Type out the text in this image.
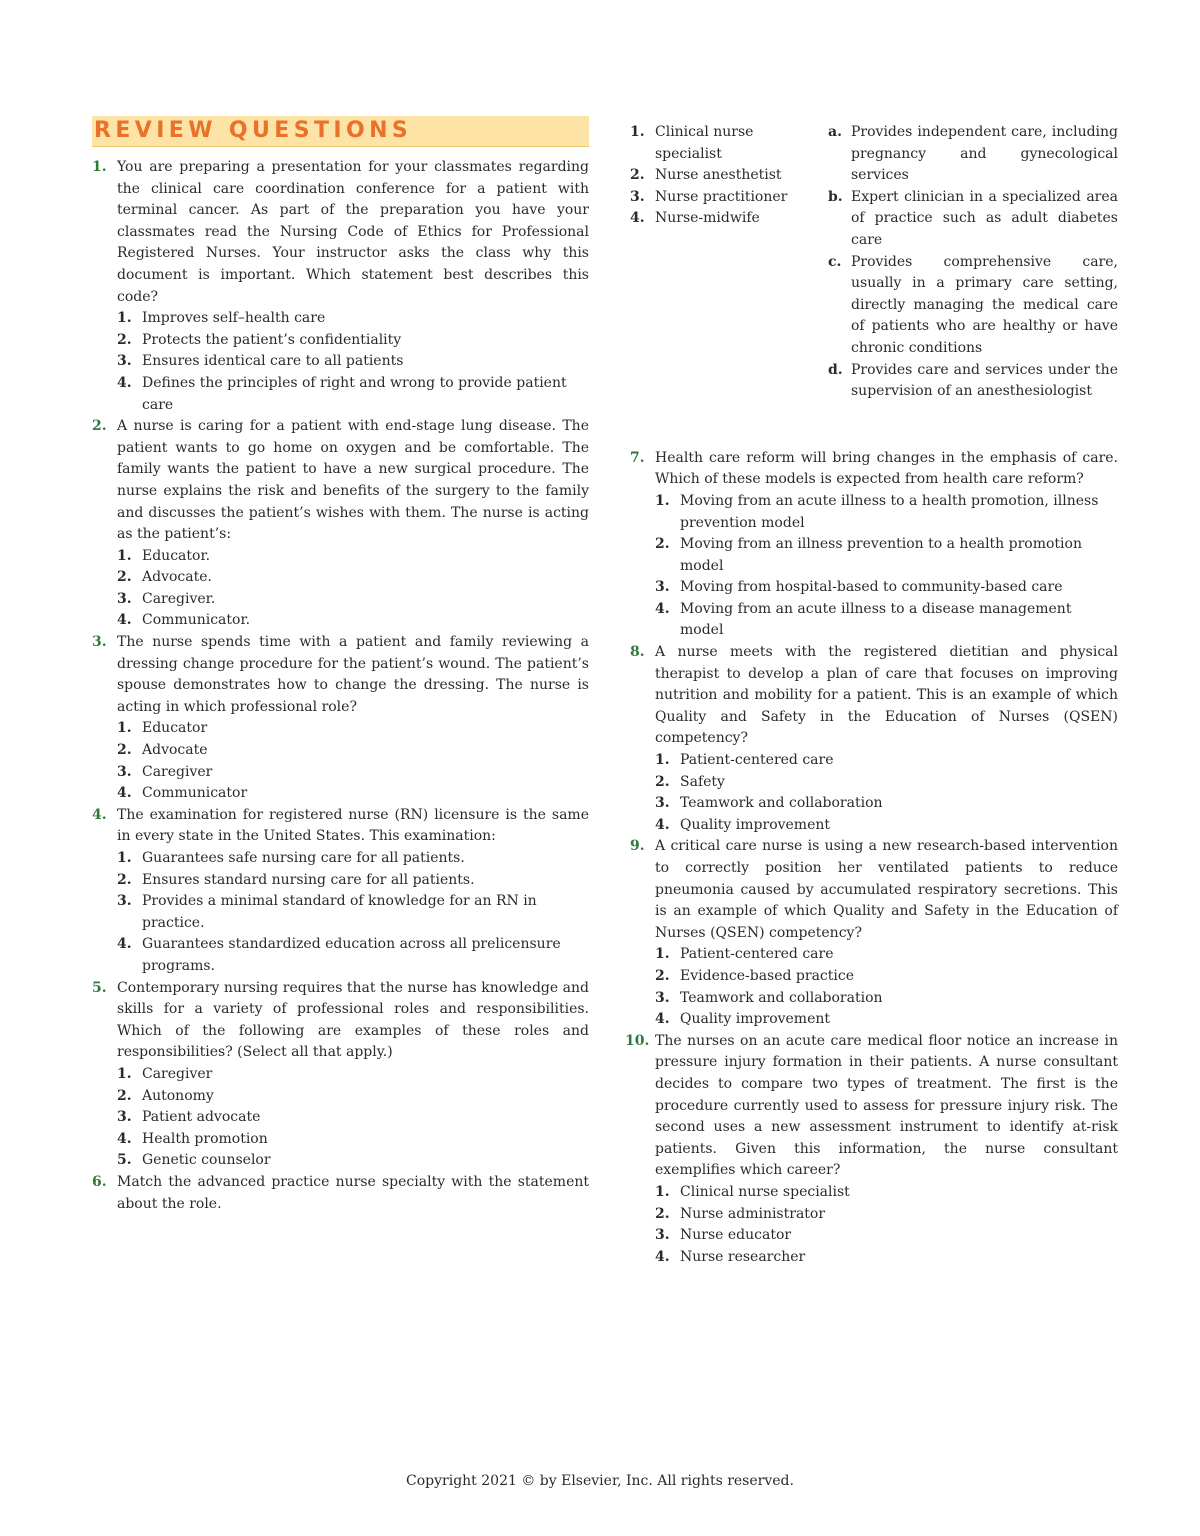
REVIEW QUESTIONS
1. You are preparing a presentation for your classmates regarding the clinical care coordination conference for a patient with terminal cancer. As part of the preparation you have your classmates read the Nursing Code of Ethics for Professional Registered Nurses. Your instructor asks the class why this document is important. Which statement best describes this code?
1. Improves self–health care
2. Protects the patient’s confidentiality
3. Ensures identical care to all patients
4. Defines the principles of right and wrong to provide patient care
2. A nurse is caring for a patient with end-stage lung disease. The patient wants to go home on oxygen and be comfortable. The family wants the patient to have a new surgical procedure. The nurse explains the risk and benefits of the surgery to the family and discusses the patient’s wishes with them. The nurse is acting as the patient’s:
1. Educator.
2. Advocate.
3. Caregiver.
4. Communicator.
3. The nurse spends time with a patient and family reviewing a dressing change procedure for the patient’s wound. The patient’s spouse demonstrates how to change the dressing. The nurse is acting in which professional role?
1. Educator
2. Advocate
3. Caregiver
4. Communicator
4. The examination for registered nurse (RN) licensure is the same in every state in the United States. This examination:
1. Guarantees safe nursing care for all patients.
2. Ensures standard nursing care for all patients.
3. Provides a minimal standard of knowledge for an RN in practice.
4. Guarantees standardized education across all prelicensure programs.
5. Contemporary nursing requires that the nurse has knowledge and skills for a variety of professional roles and responsibilities. Which of the following are examples of these roles and responsibilities? (Select all that apply.)
1. Caregiver
2. Autonomy
3. Patient advocate
4. Health promotion
5. Genetic counselor
6. Match the advanced practice nurse specialty with the statement about the role.
1. Clinical nurse specialist
2. Nurse anesthetist
3. Nurse practitioner
4. Nurse-midwife
a. Provides independent care, including pregnancy and gynecological services
b. Expert clinician in a specialized area of practice such as adult diabetes care
c. Provides comprehensive care, usually in a primary care setting, directly managing the medical care of patients who are healthy or have chronic conditions
d. Provides care and services under the supervision of an anesthesiologist
7. Health care reform will bring changes in the emphasis of care. Which of these models is expected from health care reform?
1. Moving from an acute illness to a health promotion, illness prevention model
2. Moving from an illness prevention to a health promotion model
3. Moving from hospital-based to community-based care
4. Moving from an acute illness to a disease management model
8. A nurse meets with the registered dietitian and physical therapist to develop a plan of care that focuses on improving nutrition and mobility for a patient. This is an example of which Quality and Safety in the Education of Nurses (QSEN) competency?
1. Patient-centered care
2. Safety
3. Teamwork and collaboration
4. Quality improvement
9. A critical care nurse is using a new research-based intervention to correctly position her ventilated patients to reduce pneumonia caused by accumulated respiratory secretions. This is an example of which Quality and Safety in the Education of Nurses (QSEN) competency?
1. Patient-centered care
2. Evidence-based practice
3. Teamwork and collaboration
4. Quality improvement
10. The nurses on an acute care medical floor notice an increase in pressure injury formation in their patients. A nurse consultant decides to compare two types of treatment. The first is the procedure currently used to assess for pressure injury risk. The second uses a new assessment instrument to identify at-risk patients. Given this information, the nurse consultant exemplifies which career?
1. Clinical nurse specialist
2. Nurse administrator
3. Nurse educator
4. Nurse researcher
Copyright 2021 © by Elsevier, Inc. All rights reserved.
